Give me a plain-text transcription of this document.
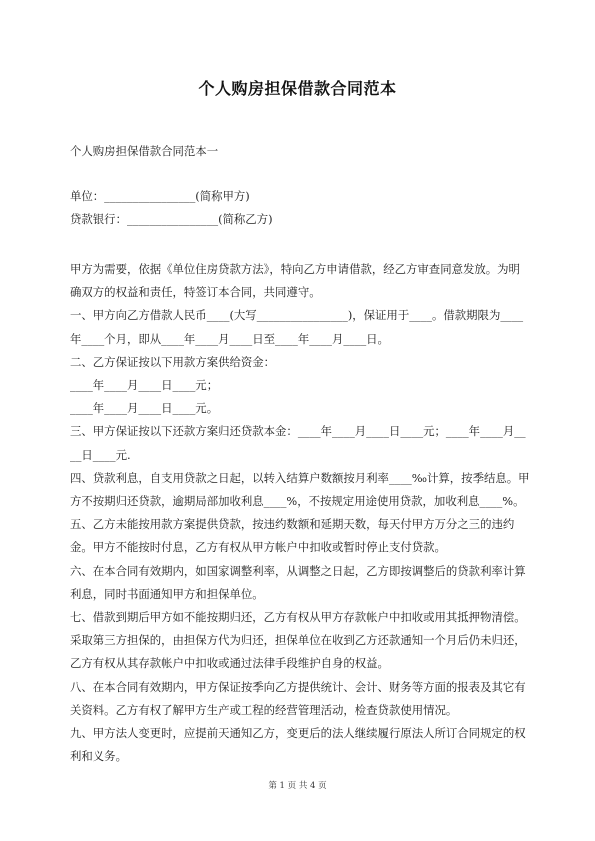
个人购房担保借款合同范本
个人购房担保借款合同范本一
单位：________________(简称甲方)
贷款银行：________________(简称乙方)

甲方为需要，依据《单位住房贷款方法》，特向乙方申请借款，经乙方审查同意发放。为明确双方的权益和责任，特签订本合同，共同遵守。

一、甲方向乙方借款人民币____(大写________________)，保证用于____。借款期限为____年____个月，即从____年____月____日至____年____月____日。

二、乙方保证按以下用款方案供给资金：

____年____月____日____元；

____年____月____日____元。

三、甲方保证按以下还款方案归还贷款本金：____年____月____日____元；____年____月____日____元.

四、贷款利息，自支用贷款之日起，以转入结算户数额按月利率____‰计算，按季结息。甲方不按期归还贷款，逾期局部加收利息____%，不按规定用途使用贷款，加收利息____%。

五、乙方未能按用款方案提供贷款，按违约数额和延期天数，每天付甲方万分之三的违约金。甲方不能按时付息，乙方有权从甲方帐户中扣收或暂时停止支付贷款。

六、在本合同有效期内，如国家调整利率，从调整之日起，乙方即按调整后的贷款利率计算利息，同时书面通知甲方和担保单位。

七、借款到期后甲方如不能按期归还，乙方有权从甲方存款帐户中扣收或用其抵押物清偿。采取第三方担保的，由担保方代为归还，担保单位在收到乙方还款通知一个月后仍未归还，乙方有权从其存款帐户中扣收或通过法律手段维护自身的权益。

八、在本合同有效期内，甲方保证按季向乙方提供统计、会计、财务等方面的报表及其它有关资料。乙方有权了解甲方生产或工程的经营管理活动，检查贷款使用情况。

九、甲方法人变更时，应提前天通知乙方，变更后的法人继续履行原法人所订合同规定的权利和义务。

第 1 页 共 4 页
